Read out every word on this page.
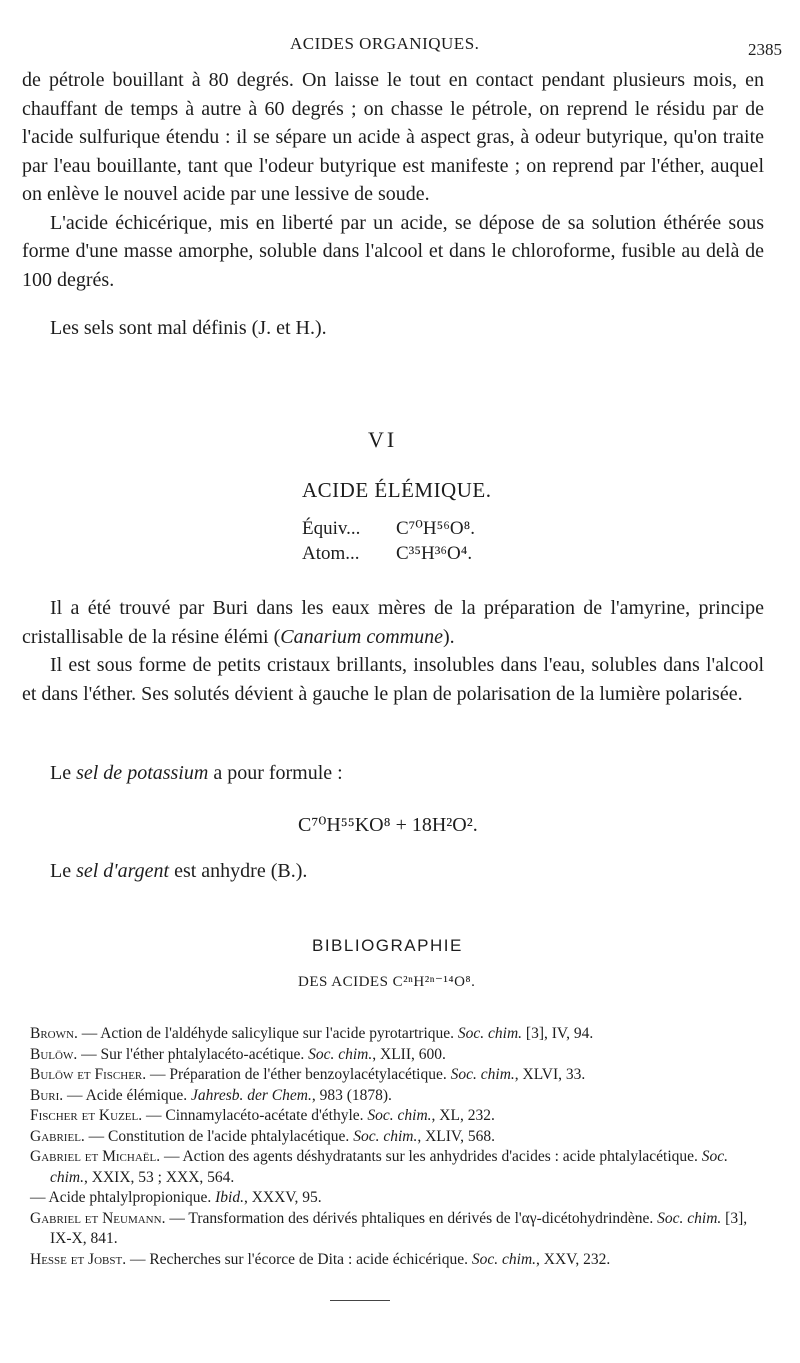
ACIDES ORGANIQUES.	2385

de pétrole bouillant à 80 degrés. On laisse le tout en contact pendant plusieurs mois, en chauffant de temps à autre à 60 degrés ; on chasse le pétrole, on reprend le résidu par de l'acide sulfurique étendu : il se sépare un acide à aspect gras, à odeur butyrique, qu'on traite par l'eau bouillante, tant que l'odeur butyrique est manifeste ; on reprend par l'éther, auquel on enlève le nouvel acide par une lessive de soude.

L'acide échicérique, mis en liberté par un acide, se dépose de sa solution éthérée sous forme d'une masse amorphe, soluble dans l'alcool et dans le chloroforme, fusible au delà de 100 degrés.

Les sels sont mal définis (J. et H.).

VI
ACIDE ÉLÉMIQUE.
Équiv... C⁷⁰H⁵⁶O⁸.
Atom... C³⁵H³⁶O⁴.

Il a été trouvé par Buri dans les eaux mères de la préparation de l'amyrine, principe cristallisable de la résine élémi (Canarium commune).

Il est sous forme de petits cristaux brillants, insolubles dans l'eau, solubles dans l'alcool et dans l'éther. Ses solutés dévient à gauche le plan de polarisation de la lumière polarisée.

Le sel de potassium a pour formule :
C⁷⁰H⁵⁵KO⁸ + 18H²O².
Le sel d'argent est anhydre (B.).
BIBLIOGRAPHIE
DES ACIDES C²ⁿH²ⁿ⁻¹⁴O⁸.

Brown. — Action de l'aldéhyde salicylique sur l'acide pyrotartrique. Soc. chim. [3], IV, 94.

Bulöw. — Sur l'éther phtalylacéto-acétique. Soc. chim., XLII, 600.

Bulöw et Fischer. — Préparation de l'éther benzoylacétylacétique. Soc. chim., XLVI, 33.

Buri. — Acide élémique. Jahresb. der Chem., 983 (1878).

Fischer et Kuzel. — Cinnamylacéto-acétate d'éthyle. Soc. chim., XL, 232.

Gabriel. — Constitution de l'acide phtalylacétique. Soc. chim., XLIV, 568.

Gabriel et Michaël. — Action des agents déshydratants sur les anhydrides d'acides : acide phtalylacétique. Soc. chim., XXIX, 53 ; XXX, 564.

— Acide phtalylpropionique. Ibid., XXXV, 95.

Gabriel et Neumann. — Transformation des dérivés phtaliques en dérivés de l'αγ-dicétohydrindène. Soc. chim. [3], IX-X, 841.

Hesse et Jobst. — Recherches sur l'écorce de Dita : acide échicérique. Soc. chim., XXV, 232.
